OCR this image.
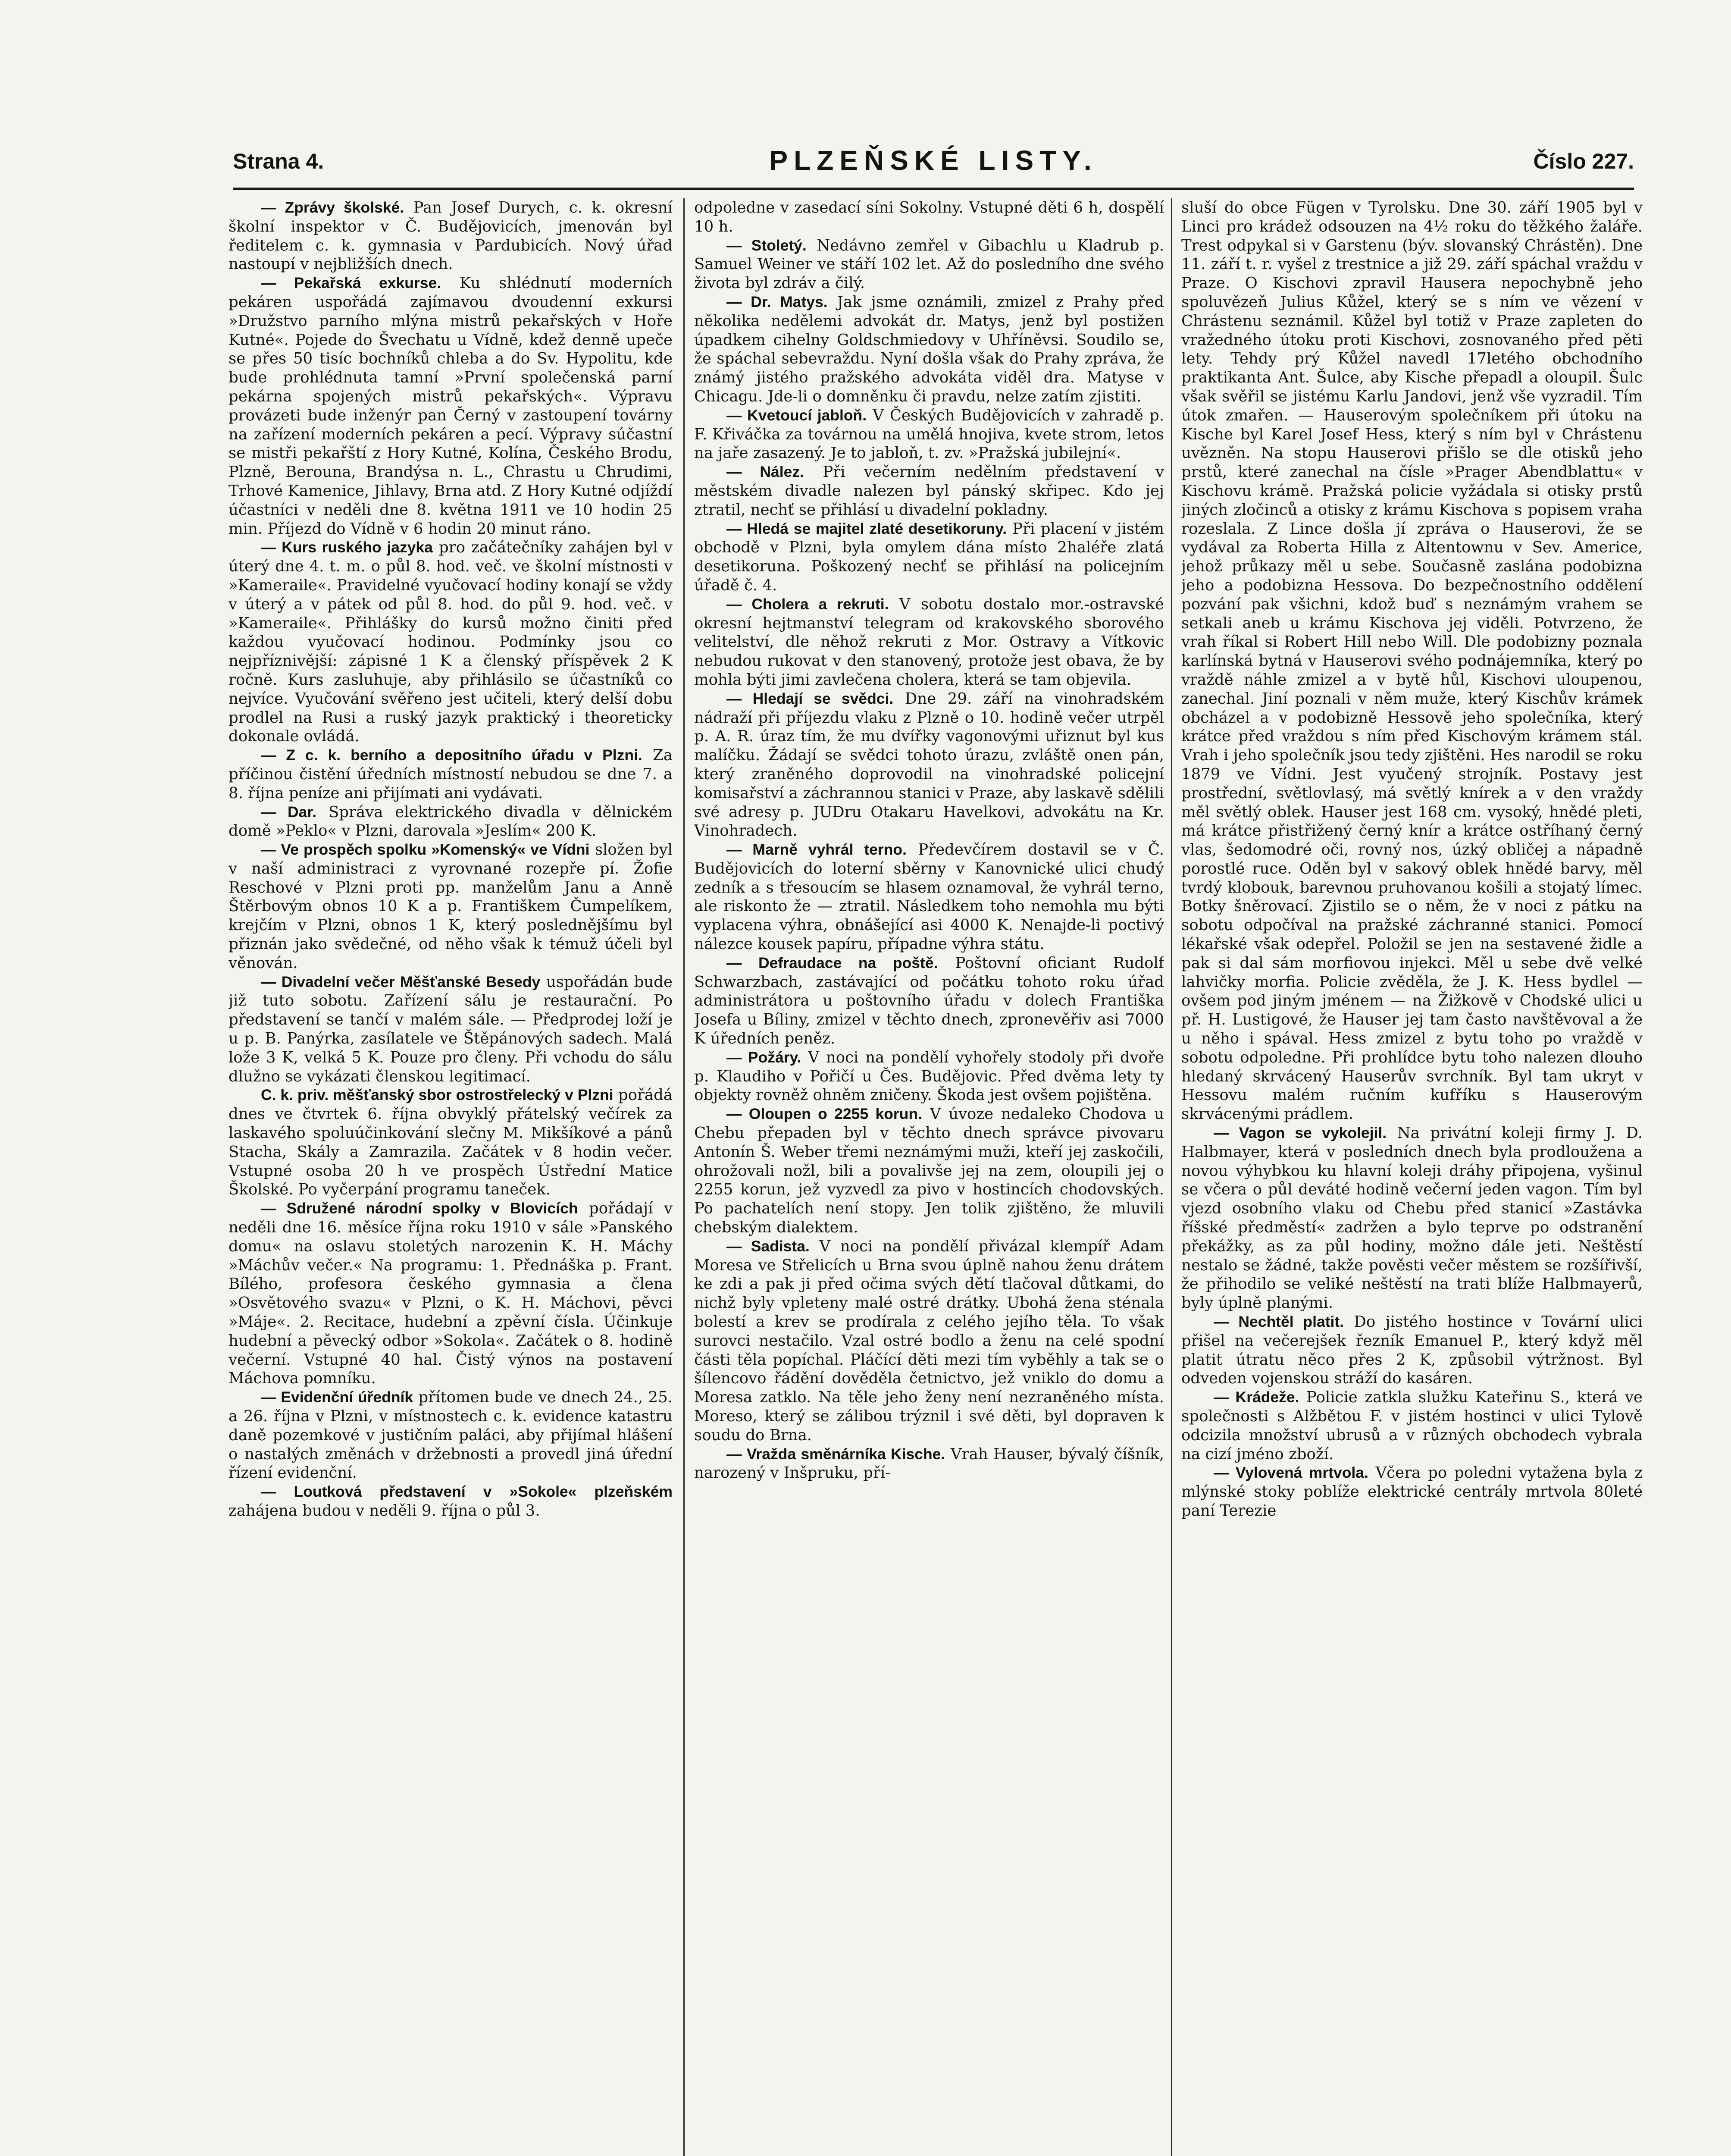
Strana 4.	PLZEŇSKÉ LISTY.	Číslo 227.

— Zprávy školské. Pan Josef Durych, c. k. okresní školní inspektor v Č. Budějovicích, jmenován byl ředitelem c. k. gymnasia v Pardubicích. Nový úřad nastoupí v nejbližších dnech.

— Pekařská exkurse. Ku shlédnutí moderních pekáren uspořádá zajímavou dvoudenní exkursi »Družstvo parního mlýna mistrů pekařských v Hoře Kutné«. Pojede do Švechatu u Vídně, kdež denně upeče se přes 50 tisíc bochníků chleba a do Sv. Hypolitu, kde bude prohlédnuta tamní »První společenská parní pekárna spojených mistrů pekařských«. Výpravu provázeti bude inženýr pan Černý v zastoupení továrny na zařízení moderních pekáren a pecí. Výpravy súčastní se mistři pekařští z Hory Kutné, Kolína, Českého Brodu, Plzně, Berouna, Brandýsa n. L., Chrastu u Chrudimi, Trhové Kamenice, Jihlavy, Brna atd. Z Hory Kutné odjíždí účastníci v neděli dne 8. května 1911 ve 10 hodin 25 min. Příjezd do Vídně v 6 hodin 20 minut ráno.

— Kurs ruského jazyka pro začátečníky zahájen byl v úterý dne 4. t. m. o půl 8. hod. več. ve školní místnosti v »Kameraile«. Pravidelné vyučovací hodiny konají se vždy v úterý a v pátek od půl 8. hod. do půl 9. hod. več. v »Kameraile«. Přihlášky do kursů možno činiti před každou vyučovací hodinou. Podmínky jsou co nejpříznivější: zápisné 1 K a členský příspěvek 2 K ročně. Kurs zasluhuje, aby přihlásilo se účastníků co nejvíce. Vyučování svěřeno jest učiteli, který delší dobu prodlel na Rusi a ruský jazyk praktický i theoreticky dokonale ovládá.

— Z c. k. berního a depositního úřadu v Plzni. Za příčinou čistění úředních místností nebudou se dne 7. a 8. října peníze ani přijímati ani vydávati.

— Dar. Správa elektrického divadla v dělnickém domě »Peklo« v Plzni, darovala »Jeslím« 200 K.

— Ve prospěch spolku »Komenský« ve Vídni složen byl v naší administraci z vyrovnané rozepře pí. Žofie Reschové v Plzni proti pp. manželům Janu a Anně Štěrbovým obnos 10 K a p. Františkem Čumpelíkem, krejčím v Plzni, obnos 1 K, který poslednějšímu byl přiznán jako svědečné, od něho však k témuž účeli byl věnován.

— Divadelní večer Měšťanské Besedy uspořádán bude již tuto sobotu. Zařízení sálu je restaurační. Po představení se tančí v malém sále. — Předprodej loží je u p. B. Panýrka, zasílatele ve Štěpánových sadech. Malá lože 3 K, velká 5 K. Pouze pro členy. Při vchodu do sálu dlužno se vykázati členskou legitimací.

C. k. priv. měšťanský sbor ostrostřelecký v Plzni pořádá dnes ve čtvrtek 6. října obvyklý přátelský večírek za laskavého spoluúčinkování slečny M. Mikšíkové a pánů Stacha, Skály a Zamrazila. Začátek v 8 hodin večer. Vstupné osoba 20 h ve prospěch Ústřední Matice Školské. Po vyčerpání programu taneček.

— Sdružené národní spolky v Blovicích pořádají v neděli dne 16. měsíce října roku 1910 v sále »Panského domu« na oslavu stoletých narozenin K. H. Máchy »Máchův večer.« Na programu: 1. Přednáška p. Frant. Bílého, profesora českého gymnasia a člena »Osvětového svazu« v Plzni, o K. H. Máchovi, pěvci »Máje«. 2. Recitace, hudební a zpěvní čísla. Účinkuje hudební a pěvecký odbor »Sokola«. Začátek o 8. hodině večerní. Vstupné 40 hal. Čistý výnos na postavení Máchova pomníku.

— Evidenční úředník přítomen bude ve dnech 24., 25. a 26. října v Plzni, v místnostech c. k. evidence katastru daně pozemkové v justičním paláci, aby přijímal hlášení o nastalých změnách v držebnosti a provedl jiná úřední řízení evidenční.

— Loutková představení v »Sokole« plzeňském zahájena budou v neděli 9. října o půl 3.

odpoledne v zasedací síni Sokolny. Vstupné děti 6 h, dospělí 10 h.

— Stoletý. Nedávno zemřel v Gibachlu u Kladrub p. Samuel Weiner ve stáří 102 let. Až do posledního dne svého života byl zdráv a čilý.

— Dr. Matys. Jak jsme oznámili, zmizel z Prahy před několika nedělemi advokát dr. Matys, jenž byl postižen úpadkem cihelny Goldschmiedovy v Uhříněvsi. Soudilo se, že spáchal sebevraždu. Nyní došla však do Prahy zpráva, že známý jistého pražského advokáta viděl dra. Matyse v Chicagu. Jde-li o domněnku či pravdu, nelze zatím zjistiti.

— Kvetoucí jabloň. V Českých Budějovicích v zahradě p. F. Křiváčka za továrnou na umělá hnojiva, kvete strom, letos na jaře zasazený. Je to jabloň, t. zv. »Pražská jubilejní«.

— Nález. Při večerním nedělním představení v městském divadle nalezen byl pánský skřipec. Kdo jej ztratil, nechť se přihlásí u divadelní pokladny.

— Hledá se majitel zlaté desetikoruny. Při placení v jistém obchodě v Plzni, byla omylem dána místo 2haléře zlatá desetikoruna. Poškozený nechť se přihlásí na policejním úřadě č. 4.

— Cholera a rekruti. V sobotu dostalo mor.-ostravské okresní hejtmanství telegram od krakovského sborového velitelství, dle něhož rekruti z Mor. Ostravy a Vítkovic nebudou rukovat v den stanovený, protože jest obava, že by mohla býti jimi zavlečena cholera, která se tam objevila.

— Hledají se svědci. Dne 29. září na vinohradském nádraží při příjezdu vlaku z Plzně o 10. hodině večer utrpěl p. A. R. úraz tím, že mu dvířky vagonovými uřiznut byl kus malíčku. Žádají se svědci tohoto úrazu, zvláště onen pán, který zraněného doprovodil na vinohradské policejní komisařství a záchrannou stanici v Praze, aby laskavě sdělili své adresy p. JUDru Otakaru Havelkovi, advokátu na Kr. Vinohradech.

— Marně vyhrál terno. Předevčírem dostavil se v Č. Budějovicích do loterní sběrny v Kanovnické ulici chudý zedník a s třesoucím se hlasem oznamoval, že vyhrál terno, ale riskonto že — ztratil. Následkem toho nemohla mu býti vyplacena výhra, obnášející asi 4000 K. Nenajde-li poctivý nálezce kousek papíru, případne výhra státu.

— Defraudace na poště. Poštovní oficiant Rudolf Schwarzbach, zastávající od počátku tohoto roku úřad administrátora u poštovního úřadu v dolech Františka Josefa u Bíliny, zmizel v těchto dnech, zpronevěřiv asi 7000 K úředních peněz.

— Požáry. V noci na pondělí vyhořely stodoly při dvoře p. Klaudiho v Pořičí u Čes. Budějovic. Před dvěma lety ty objekty rovněž ohněm zničeny. Škoda jest ovšem pojištěna.

— Oloupen o 2255 korun. V úvoze nedaleko Chodova u Chebu přepaden byl v těchto dnech správce pivovaru Antonín Š. Weber třemi neznámými muži, kteří jej zaskočili, ohrožovali nožl, bili a povalivše jej na zem, oloupili jej o 2255 korun, jež vyzvedl za pivo v hostincích chodovských. Po pachatelích není stopy. Jen tolik zjištěno, že mluvili chebským dialektem.

— Sadista. V noci na pondělí přivázal klempíř Adam Moresa ve Střelicích u Brna svou úplně nahou ženu drátem ke zdi a pak ji před očima svých dětí tlačoval důtkami, do nichž byly vpleteny malé ostré drátky. Ubohá žena sténala bolestí a krev se prodírala z celého jejího těla. To však surovci nestačilo. Vzal ostré bodlo a ženu na celé spodní části těla popíchal. Pláčící děti mezi tím vyběhly a tak se o šílencovo řádění dověděla četnictvo, jež vniklo do domu a Moresa zatklo. Na těle jeho ženy není nezraněného místa. Moreso, který se zálibou trýznil i své děti, byl dopraven k soudu do Brna.

— Vražda směnárníka Kische. Vrah Hauser, bývalý číšník, narozený v Inšpruku, pří-

sluší do obce Fügen v Tyrolsku. Dne 30. září 1905 byl v Linci pro krádež odsouzen na 4½ roku do těžkého žaláře. Trest odpykal si v Garstenu (býv. slovanský Chrástěn). Dne 11. září t. r. vyšel z trestnice a již 29. září spáchal vraždu v Praze. O Kischovi zpravil Hausera nepochybně jeho spoluvězeň Julius Kůžel, který se s ním ve vězení v Chrástenu seznámil. Kůžel byl totiž v Praze zapleten do vražedného útoku proti Kischovi, zosnovaného před pěti lety. Tehdy prý Kůžel navedl 17letého obchodního praktikanta Ant. Šulce, aby Kische přepadl a oloupil. Šulc však svěřil se jistému Karlu Jandovi, jenž vše vyzradil. Tím útok zmařen. — Hauserovým společníkem při útoku na Kische byl Karel Josef Hess, který s ním byl v Chrástenu uvězněn. Na stopu Hauserovi přišlo se dle otisků jeho prstů, které zanechal na čísle »Prager Abendblattu« v Kischovu krámě. Pražská policie vyžádala si otisky prstů jiných zločinců a otisky z krámu Kischova s popisem vraha rozeslala. Z Lince došla jí zpráva o Hauserovi, že se vydával za Roberta Hilla z Altentownu v Sev. Americe, jehož průkazy měl u sebe. Současně zaslána podobizna jeho a podobizna Hessova. Do bezpečnostního oddělení pozvání pak všichni, kdož buď s neznámým vrahem se setkali aneb u krámu Kischova jej viděli. Potvrzeno, že vrah říkal si Robert Hill nebo Will. Dle podobizny poznala karlínská bytná v Hauserovi svého podnájemníka, který po vraždě náhle zmizel a v bytě hůl, Kischovi uloupenou, zanechal. Jiní poznali v něm muže, který Kischův krámek obcházel a v podobizně Hessově jeho společníka, který krátce před vraždou s ním před Kischovým krámem stál. Vrah i jeho společník jsou tedy zjištěni. Hes narodil se roku 1879 ve Vídni. Jest vyučený strojník. Postavy jest prostřední, světlovlasý, má světlý knírek a v den vraždy měl světlý oblek. Hauser jest 168 cm. vysoký, hnědé pleti, má krátce přistřižený černý knír a krátce ostříhaný černý vlas, šedomodré oči, rovný nos, úzký obličej a nápadně porostlé ruce. Oděn byl v sakový oblek hnědé barvy, měl tvrdý klobouk, barevnou pruhovanou košili a stojatý límec. Botky šněrovací. Zjistilo se o něm, že v noci z pátku na sobotu odpočíval na pražské záchranné stanici. Pomocí lékařské však odepřel. Položil se jen na sestavené židle a pak si dal sám morfiovou injekci. Měl u sebe dvě velké lahvičky morfia. Policie zvěděla, že J. K. Hess bydlel — ovšem pod jiným jménem — na Žižkově v Chodské ulici u př. H. Lustigové, že Hauser jej tam často navštěvoval a že u něho i spával. Hess zmizel z bytu toho po vraždě v sobotu odpoledne. Při prohlídce bytu toho nalezen dlouho hledaný skrvácený Hauserův svrchník. Byl tam ukryt v Hessovu malém ručním kufříku s Hauserovým skrvácenými prádlem.

— Vagon se vykolejil. Na privátní koleji firmy J. D. Halbmayer, která v posledních dnech byla prodloužena a novou výhybkou ku hlavní koleji dráhy připojena, vyšinul se včera o půl deváté hodině večerní jeden vagon. Tím byl vjezd osobního vlaku od Chebu před stanicí »Zastávka říšské předměstí« zadržen a bylo teprve po odstranění překážky, as za půl hodiny, možno dále jeti. Neštěstí nestalo se žádné, takže pověsti večer městem se rozšířivší, že přihodilo se veliké neštěstí na trati blíže Halbmayerů, byly úplně planými.

— Nechtěl platit. Do jistého hostince v Tovární ulici přišel na večerejšek řezník Emanuel P., který když měl platit útratu něco přes 2 K, způsobil výtržnost. Byl odveden vojenskou stráží do kasáren.

— Krádeže. Policie zatkla služku Kateřinu S., která ve společnosti s Alžbětou F. v jistém hostinci v ulici Tylově odcizila množství ubrusů a v různých obchodech vybrala na cizí jméno zboží.

— Vylovená mrtvola. Včera po poledni vytažena byla z mlýnské stoky poblíže elektrické centrály mrtvola 80leté paní Terezie
